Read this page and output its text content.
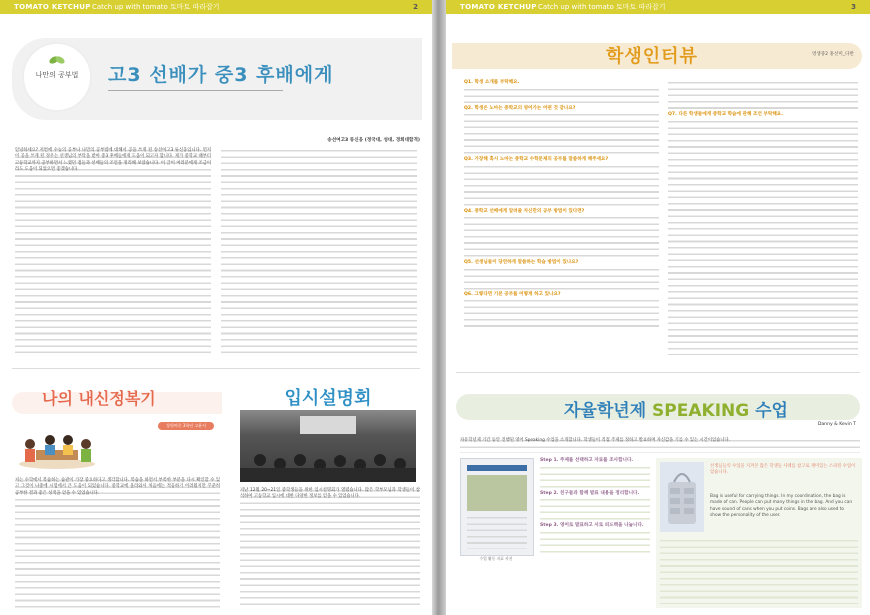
TOMATO KETCHUP Catch up with tomato 토마토 따라잡기	2
나만의 공부법	고3 선배가 중3 후배에게
송선여고3 류신웅 (정국대, 성대, 경희대합격)
안녕하세요? 저번에 수능의 공부나 나만의 공부법에 대해서 공을 쓰게 된 송선여고3 류신웅입니다. 먼저 이 공을 쓰게 된 경우는 선생님의 부탁을 받아 중3 후배들에게 도움이 되고자 합니다. 제가 중학교 때부터 고등학교까지 공부하면서 느꼈던 점들과 선배들의 조언을 정리해 보았습니다. 이 글이 여러분에게 조금이라도 도움이 되었으면 좋겠습니다.
나의 내신정복기
상원여중 3학년 고윤서
저는 수학에서 복습하는 습관이 가장 중요하다고 생각합니다. 복습을 하면서 부족한 부분을 다시 확인할 수 있고 그것이 나중에 시험에서 큰 도움이 되었습니다. 중학교에 올라와서 처음에는 적응하기 어려웠지만 꾸준히 공부한 결과 좋은 성적을 얻을 수 있었습니다.
입시설명회
지난 12월 20~21일 중학생들을 위한 입시설명회가 열렸습니다. 많은 학부모님과 학생들이 참석하여 고등학교 입시에 대한 다양한 정보를 얻을 수 있었습니다.
TOMATO KETCHUP Catch up with tomato 토마토 따라잡기	3
학생인터뷰	영생중2 홍선미_다반
Q1. 학생 소개를 부탁해요.
Q2. 학생은 노마는 중학교의 영어가는 어떤 것 같나요?
Q3. 가장해 혹시 노마는 중학교 수학문제의 공부를 말씀하게 해주세요?
Q4. 중학교 선배에게 알려줄 자신만의 공부 방법이 있다면?
Q5. 선생님들이 당연하게 말씀하는 학습 방법이 있나요?
Q6. 그렇다면 기본 공부를 어떻게 하고 있나요?
Q7. 다른 학생들에게 중학교 학습에 관해 조언 부탁해요.
자율학년제 SPEAKING 수업
Danny & Kevin T
자유학년제 기간 동안 진행된 영어 Speaking 수업을 소개합니다. 학생들이 직접 주제를 정하고 발표하며 자신감을 기를 수 있는 시간이었습니다.
수업 활동 자료 사진
Step 1. 주제를 선택하고 자료를 조사합니다.
Step 2. 친구들과 함께 발표 내용을 정리합니다.
Step 3. 영어로 발표하고 서로 피드백을 나눕니다.
선생님들의 수업을 지켜본 많은 학생들 사례를 참고로 재미있는 스피킹 수업이었습니다.
Bag is useful for carrying things. In my coordination, the bag is made of can. People can put many things in the bag. And you can have sound of cans when you put coins. Bags are also used to show the personality of the user.
